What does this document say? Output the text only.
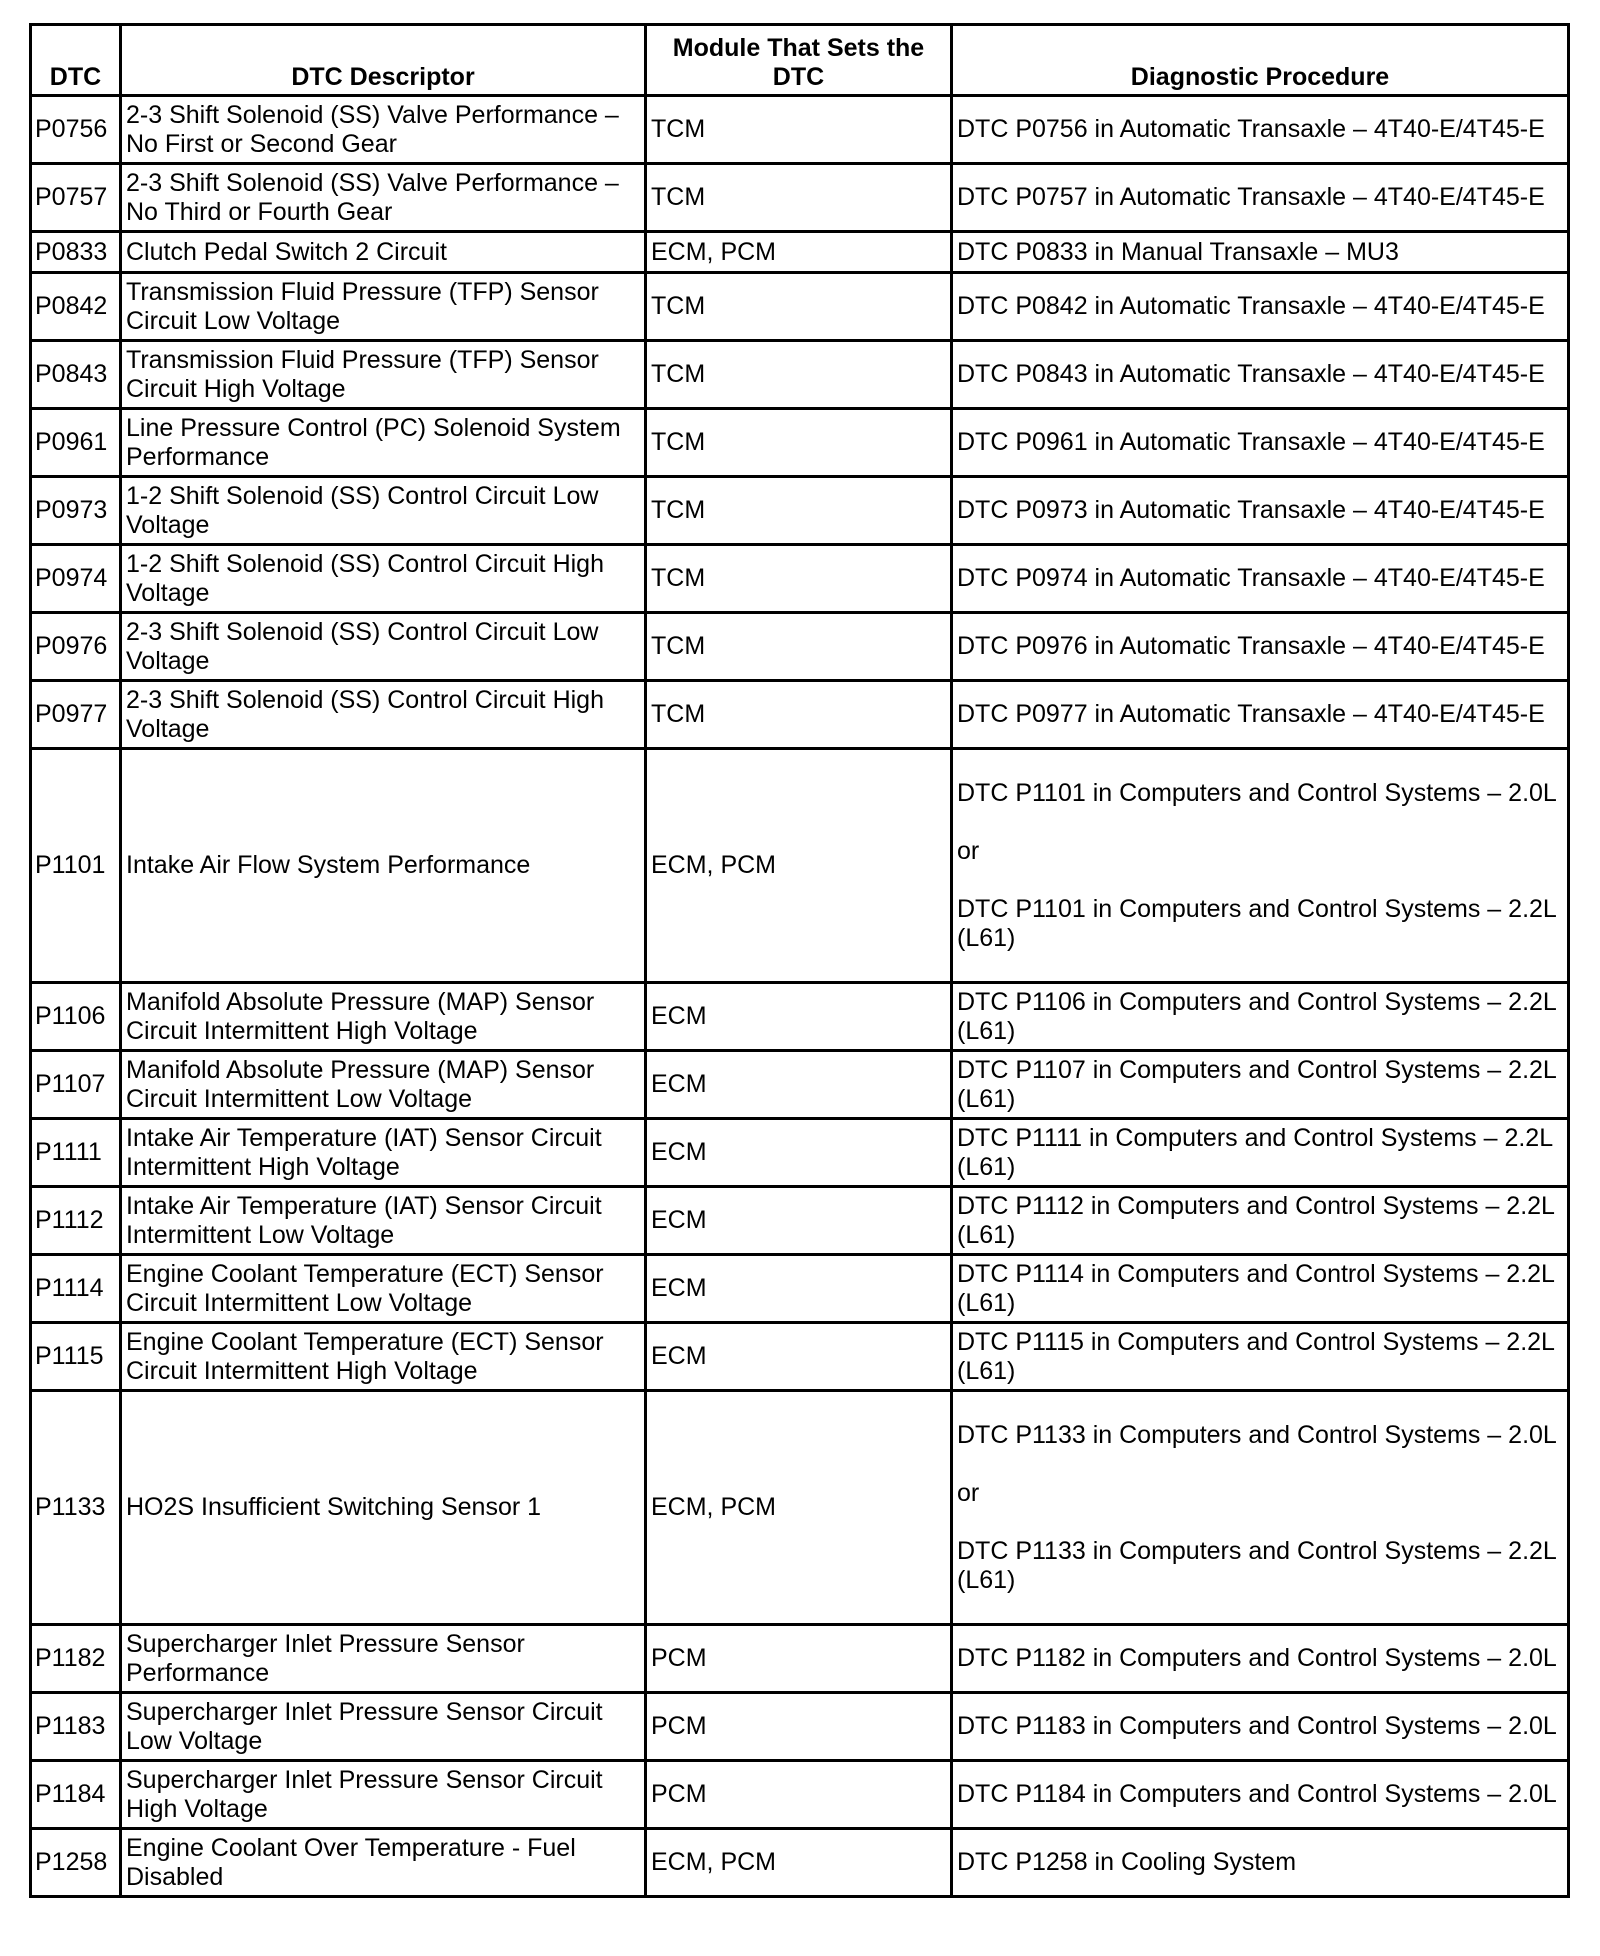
DTC	DTC Descriptor	Module That Sets the DTC	Diagnostic Procedure
P0756	2-3 Shift Solenoid (SS) Valve Performance – No First or Second Gear	TCM	DTC P0756 in Automatic Transaxle – 4T40-E/4T45-E

P0757	2-3 Shift Solenoid (SS) Valve Performance – No Third or Fourth Gear	TCM	DTC P0757 in Automatic Transaxle – 4T40-E/4T45-E

P0833	Clutch Pedal Switch 2 Circuit	ECM, PCM	DTC P0833 in Manual Transaxle – MU3

P0842	Transmission Fluid Pressure (TFP) Sensor Circuit Low Voltage	TCM	DTC P0842 in Automatic Transaxle – 4T40-E/4T45-E

P0843	Transmission Fluid Pressure (TFP) Sensor Circuit High Voltage	TCM	DTC P0843 in Automatic Transaxle – 4T40-E/4T45-E

P0961	Line Pressure Control (PC) Solenoid System Performance	TCM	DTC P0961 in Automatic Transaxle – 4T40-E/4T45-E

P0973	1-2 Shift Solenoid (SS) Control Circuit Low Voltage	TCM	DTC P0973 in Automatic Transaxle – 4T40-E/4T45-E

P0974	1-2 Shift Solenoid (SS) Control Circuit High Voltage	TCM	DTC P0974 in Automatic Transaxle – 4T40-E/4T45-E

P0976	2-3 Shift Solenoid (SS) Control Circuit Low Voltage	TCM	DTC P0976 in Automatic Transaxle – 4T40-E/4T45-E

P0977	2-3 Shift Solenoid (SS) Control Circuit High Voltage	TCM	DTC P0977 in Automatic Transaxle – 4T40-E/4T45-E

P1101	Intake Air Flow System Performance	ECM, PCM	DTC P1101 in Computers and Control Systems – 2.0L
or
DTC P1101 in Computers and Control Systems – 2.2L (L61)

P1106	Manifold Absolute Pressure (MAP) Sensor Circuit Intermittent High Voltage	ECM	DTC P1106 in Computers and Control Systems – 2.2L (L61)

P1107	Manifold Absolute Pressure (MAP) Sensor Circuit Intermittent Low Voltage	ECM	DTC P1107 in Computers and Control Systems – 2.2L (L61)

P1111	Intake Air Temperature (IAT) Sensor Circuit Intermittent High Voltage	ECM	DTC P1111 in Computers and Control Systems – 2.2L (L61)

P1112	Intake Air Temperature (IAT) Sensor Circuit Intermittent Low Voltage	ECM	DTC P1112 in Computers and Control Systems – 2.2L (L61)

P1114	Engine Coolant Temperature (ECT) Sensor Circuit Intermittent Low Voltage	ECM	DTC P1114 in Computers and Control Systems – 2.2L (L61)

P1115	Engine Coolant Temperature (ECT) Sensor Circuit Intermittent High Voltage	ECM	DTC P1115 in Computers and Control Systems – 2.2L (L61)

P1133	HO2S Insufficient Switching Sensor 1	ECM, PCM	DTC P1133 in Computers and Control Systems – 2.0L
or
DTC P1133 in Computers and Control Systems – 2.2L (L61)

P1182	Supercharger Inlet Pressure Sensor Performance	PCM	DTC P1182 in Computers and Control Systems – 2.0L

P1183	Supercharger Inlet Pressure Sensor Circuit Low Voltage	PCM	DTC P1183 in Computers and Control Systems – 2.0L

P1184	Supercharger Inlet Pressure Sensor Circuit High Voltage	PCM	DTC P1184 in Computers and Control Systems – 2.0L

P1258	Engine Coolant Over Temperature - Fuel Disabled	ECM, PCM	DTC P1258 in Cooling System
